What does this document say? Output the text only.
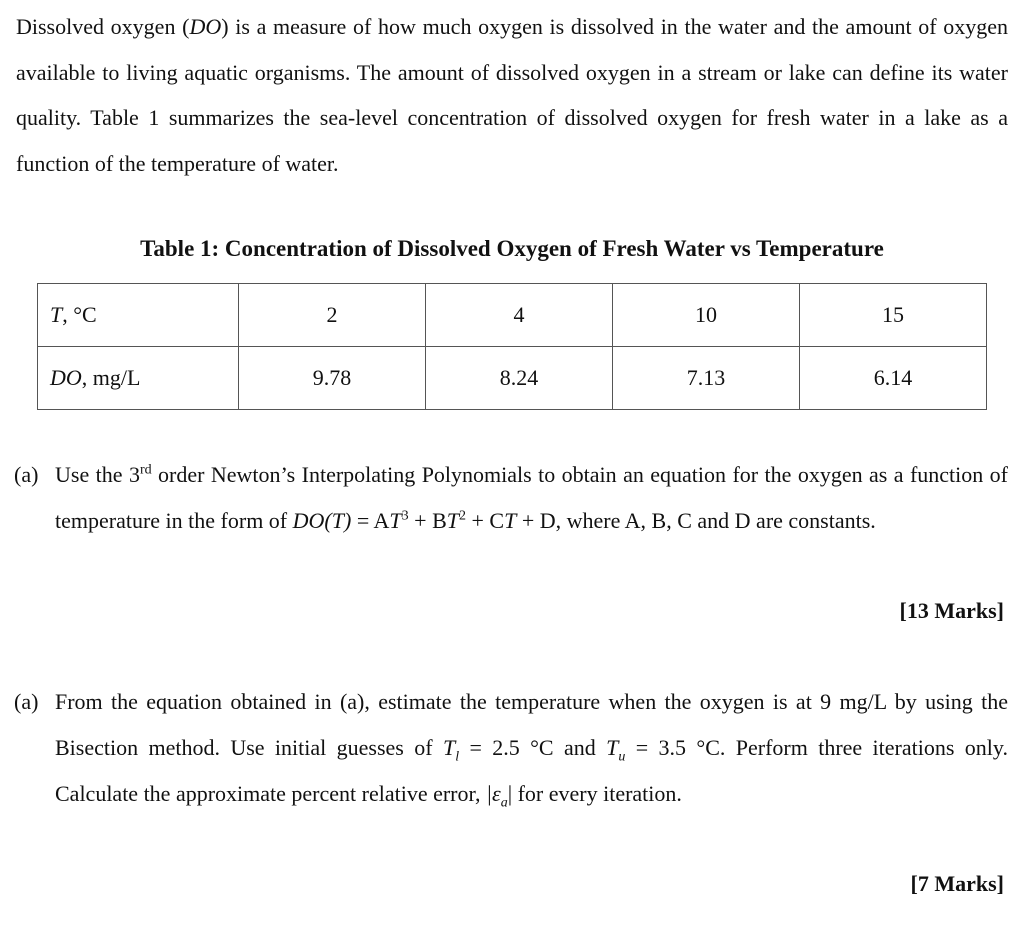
Dissolved oxygen (DO) is a measure of how much oxygen is dissolved in the water and the amount of oxygen available to living aquatic organisms. The amount of dissolved oxygen in a stream or lake can define its water quality. Table 1 summarizes the sea-level concentration of dissolved oxygen for fresh water in a lake as a function of the temperature of water.

Table 1: Concentration of Dissolved Oxygen of Fresh Water vs Temperature
T, °C	2	4	10	15
DO, mg/L	9.78	8.24	7.13	6.14
(a) Use the 3rd order Newton’s Interpolating Polynomials to obtain an equation for the oxygen as a function of temperature in the form of $DO(T) = AT^3 + BT^2$ + CT + D, where A, B, C and D are constants.
[13 Marks]
(a) From the equation obtained in (a), estimate the temperature when the oxygen is at 9 mg/L by using the Bisection method. Use initial guesses of $T_l = 2.5$ °C and $T_u = 3.5$ °C. Perform three iterations only. Calculate the approximate percent relative error, $|\varepsilon_a|$ for every iteration.
[7 Marks]
